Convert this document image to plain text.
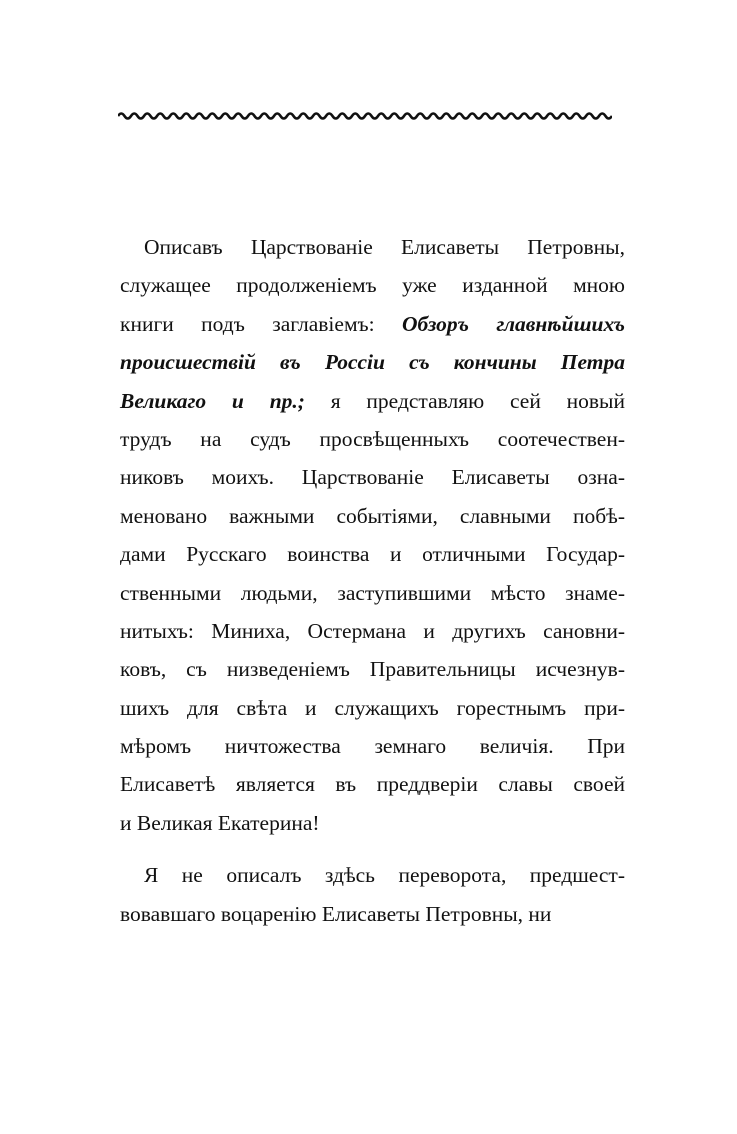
Описавъ Царствованіе Елисаветы Петровны,
служащее продолженіемъ уже изданной мною
книги подъ заглавіемъ: Обзоръ главнѣйшихъ
происшествій въ Россіи съ кончины Петра
Великаго и пр.; я представляю сей новый
трудъ на судъ просвѣщенныхъ соотечествен-
никовъ моихъ. Царствованіе Елисаветы озна-
меновано важными событіями, славными побѣ-
дами Русскаго воинства и отличными Государ-
ственными людьми, заступившими мѣсто знаме-
нитыхъ: Миниха, Остермана и другихъ сановни-
ковъ, съ низведеніемъ Правительницы исчезнув-
шихъ для свѣта и служащихъ горестнымъ при-
мѣромъ ничтожества земнаго величія. При
Елисаветѣ является въ преддверіи славы своей
и Великая Екатерина!
Я не описалъ здѣсь переворота, предшест-
вовавшаго воцаренію Елисаветы Петровны, ни
